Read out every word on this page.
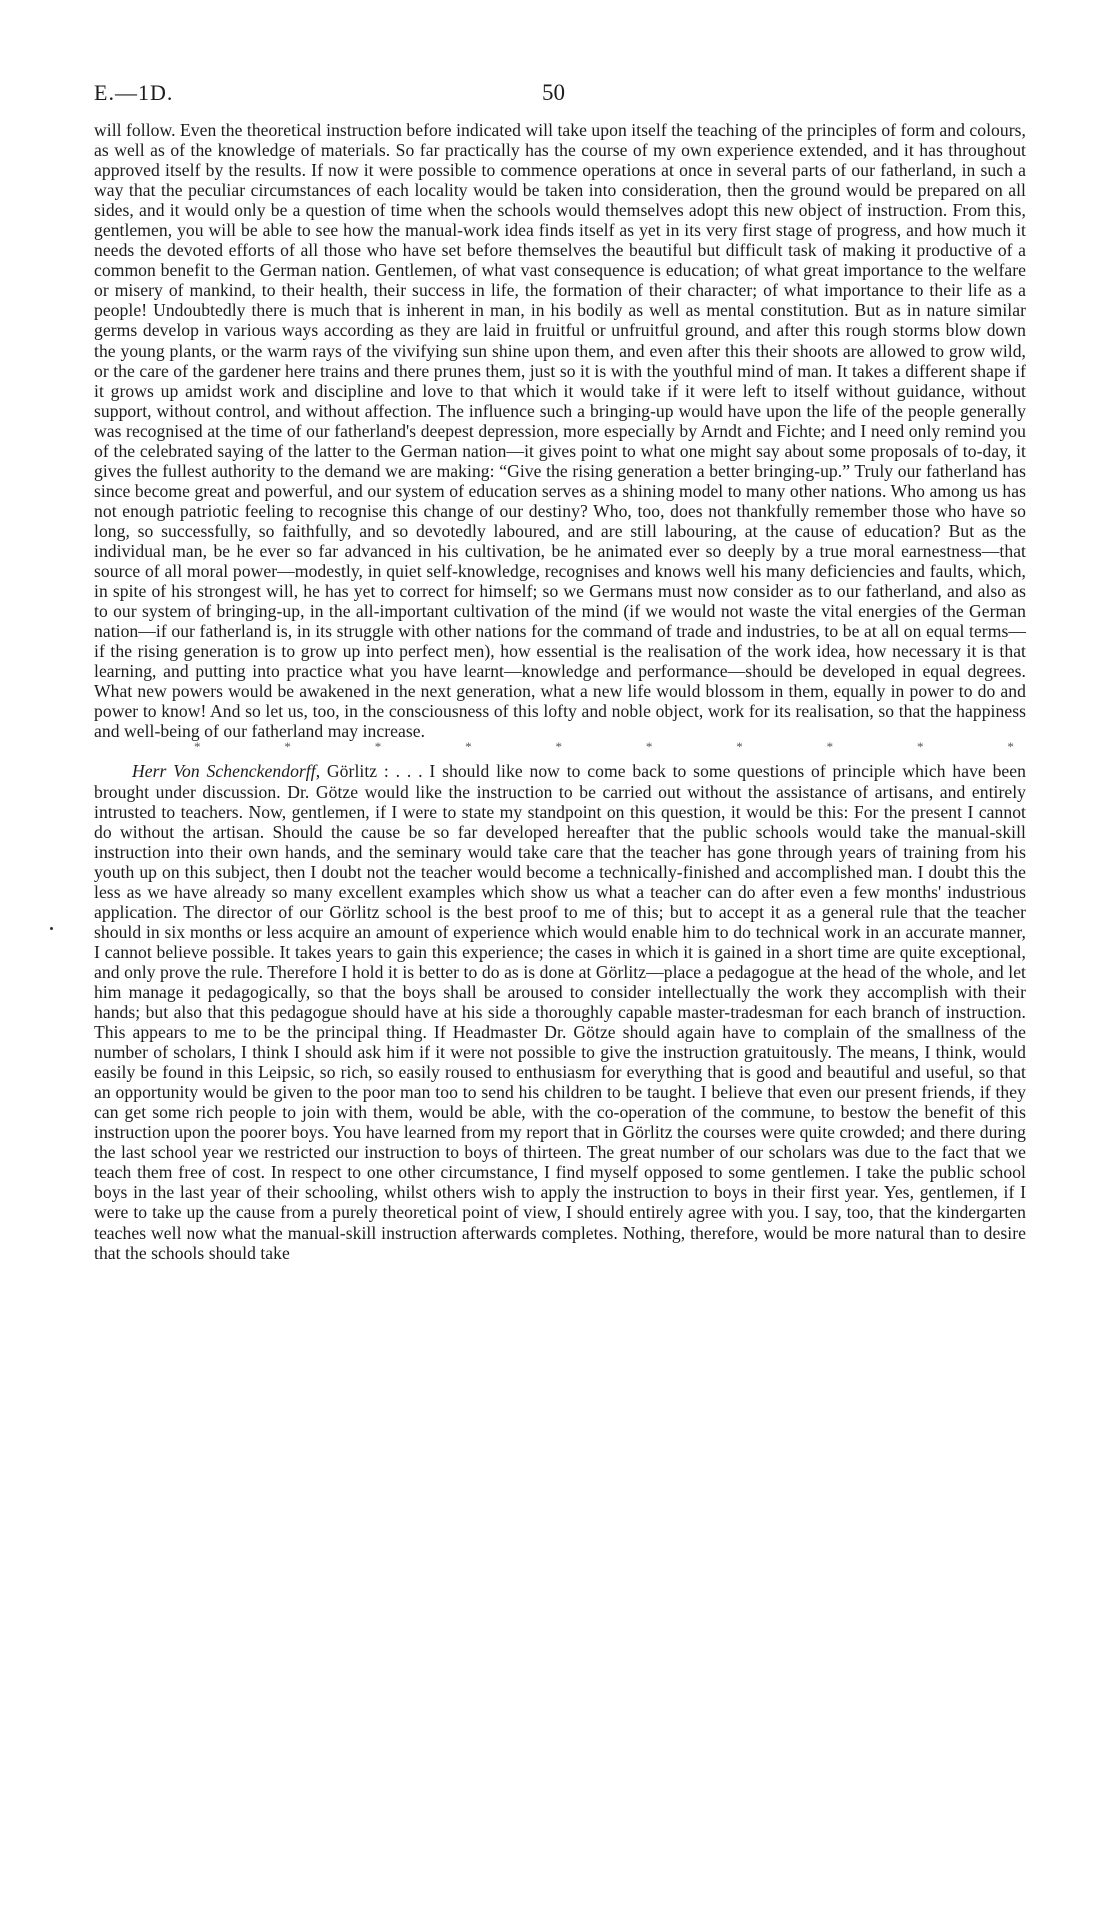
E.—1D.	50

will follow. Even the theoretical instruction before indicated will take upon itself the teaching of the principles of form and colours, as well as of the knowledge of materials. So far practically has the course of my own experience extended, and it has throughout approved itself by the results. If now it were possible to commence operations at once in several parts of our fatherland, in such a way that the peculiar circumstances of each locality would be taken into consideration, then the ground would be prepared on all sides, and it would only be a question of time when the schools would themselves adopt this new object of instruction. From this, gentlemen, you will be able to see how the manual-work idea finds itself as yet in its very first stage of progress, and how much it needs the devoted efforts of all those who have set before themselves the beautiful but difficult task of making it productive of a common benefit to the German nation. Gentlemen, of what vast consequence is education; of what great importance to the welfare or misery of mankind, to their health, their success in life, the formation of their character; of what importance to their life as a people! Undoubtedly there is much that is inherent in man, in his bodily as well as mental constitution. But as in nature similar germs develop in various ways according as they are laid in fruitful or unfruitful ground, and after this rough storms blow down the young plants, or the warm rays of the vivifying sun shine upon them, and even after this their shoots are allowed to grow wild, or the care of the gardener here trains and there prunes them, just so it is with the youthful mind of man. It takes a different shape if it grows up amidst work and discipline and love to that which it would take if it were left to itself without guidance, without support, without control, and without affection. The influence such a bringing-up would have upon the life of the people generally was recognised at the time of our fatherland's deepest depression, more especially by Arndt and Fichte; and I need only remind you of the celebrated saying of the latter to the German nation—it gives point to what one might say about some proposals of to-day, it gives the fullest authority to the demand we are making: “Give the rising generation a better bringing-up.” Truly our fatherland has since become great and powerful, and our system of education serves as a shining model to many other nations. Who among us has not enough patriotic feeling to recognise this change of our destiny? Who, too, does not thankfully remember those who have so long, so successfully, so faithfully, and so devotedly laboured, and are still labouring, at the cause of education? But as the individual man, be he ever so far advanced in his cultivation, be he animated ever so deeply by a true moral earnestness—that source of all moral power—modestly, in quiet self-knowledge, recognises and knows well his many deficiencies and faults, which, in spite of his strongest will, he has yet to correct for himself; so we Germans must now consider as to our fatherland, and also as to our system of bringing-up, in the all-important cultivation of the mind (if we would not waste the vital energies of the German nation—if our fatherland is, in its struggle with other nations for the command of trade and industries, to be at all on equal terms—if the rising generation is to grow up into perfect men), how essential is the realisation of the work idea, how necessary it is that learning, and putting into practice what you have learnt—knowledge and performance—should be developed in equal degrees. What new powers would be awakened in the next generation, what a new life would blossom in them, equally in power to do and power to know! And so let us, too, in the consciousness of this lofty and noble object, work for its realisation, so that the happiness and well-being of our fatherland may increase.

*	*	*	*	*	*	*	*	*	*

Herr Von Schenckendorff, Görlitz : . . . I should like now to come back to some questions of principle which have been brought under discussion. Dr. Götze would like the instruction to be carried out without the assistance of artisans, and entirely intrusted to teachers. Now, gentlemen, if I were to state my standpoint on this question, it would be this: For the present I cannot do without the artisan. Should the cause be so far developed hereafter that the public schools would take the manual-skill instruction into their own hands, and the seminary would take care that the teacher has gone through years of training from his youth up on this subject, then I doubt not the teacher would become a technically-finished and accomplished man. I doubt this the less as we have already so many excellent examples which show us what a teacher can do after even a few months' industrious application. The director of our Görlitz school is the best proof to me of this; but to accept it as a general rule that the teacher should in six months or less acquire an amount of experience which would enable him to do technical work in an accurate manner, I cannot believe possible. It takes years to gain this experience; the cases in which it is gained in a short time are quite exceptional, and only prove the rule. Therefore I hold it is better to do as is done at Görlitz—place a pedagogue at the head of the whole, and let him manage it pedagogically, so that the boys shall be aroused to consider intellectually the work they accomplish with their hands; but also that this pedagogue should have at his side a thoroughly capable master-tradesman for each branch of instruction. This appears to me to be the principal thing. If Headmaster Dr. Götze should again have to complain of the smallness of the number of scholars, I think I should ask him if it were not possible to give the instruction gratuitously. The means, I think, would easily be found in this Leipsic, so rich, so easily roused to enthusiasm for everything that is good and beautiful and useful, so that an opportunity would be given to the poor man too to send his children to be taught. I believe that even our present friends, if they can get some rich people to join with them, would be able, with the co-operation of the commune, to bestow the benefit of this instruction upon the poorer boys. You have learned from my report that in Görlitz the courses were quite crowded; and there during the last school year we restricted our instruction to boys of thirteen. The great number of our scholars was due to the fact that we teach them free of cost. In respect to one other circumstance, I find myself opposed to some gentlemen. I take the public school boys in the last year of their schooling, whilst others wish to apply the instruction to boys in their first year. Yes, gentlemen, if I were to take up the cause from a purely theoretical point of view, I should entirely agree with you. I say, too, that the kindergarten teaches well now what the manual-skill instruction afterwards completes. Nothing, therefore, would be more natural than to desire that the schools should take
